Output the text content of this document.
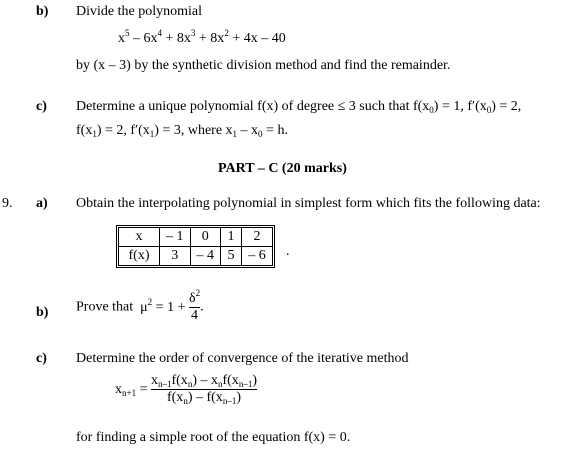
b) Divide the polynomial
$x^5 - 6x^4 + 8x^3 + 8x^2 + 4x - 40$
by (x – 3) by the synthetic division method and find the remainder.
c) Determine a unique polynomial f(x) of degree ≤ 3 such that $f(x_0) = 1$, $f'(x_0) = 2$,
$f(x_1) = 2$, $f'(x_1) = 3$, where $x_1 - x_0 = h$.
PART – C (20 marks)
9. a) Obtain the interpolating polynomial in simplest form which fits the following data:
x	– 1	0	1	2
f(x)	3	– 4	5	– 6 .
b) Prove that  $\mu^2 = 1 + \frac{\delta^2}{4}$ .
c) Determine the order of convergence of the iterative method
$x_{n+1} = \frac{x_{n-1}f(x_n) - x_nf(x_{n-1})}{f(x_n) - f(x_{n-1})}$
for finding a simple root of the equation f(x) = 0.
